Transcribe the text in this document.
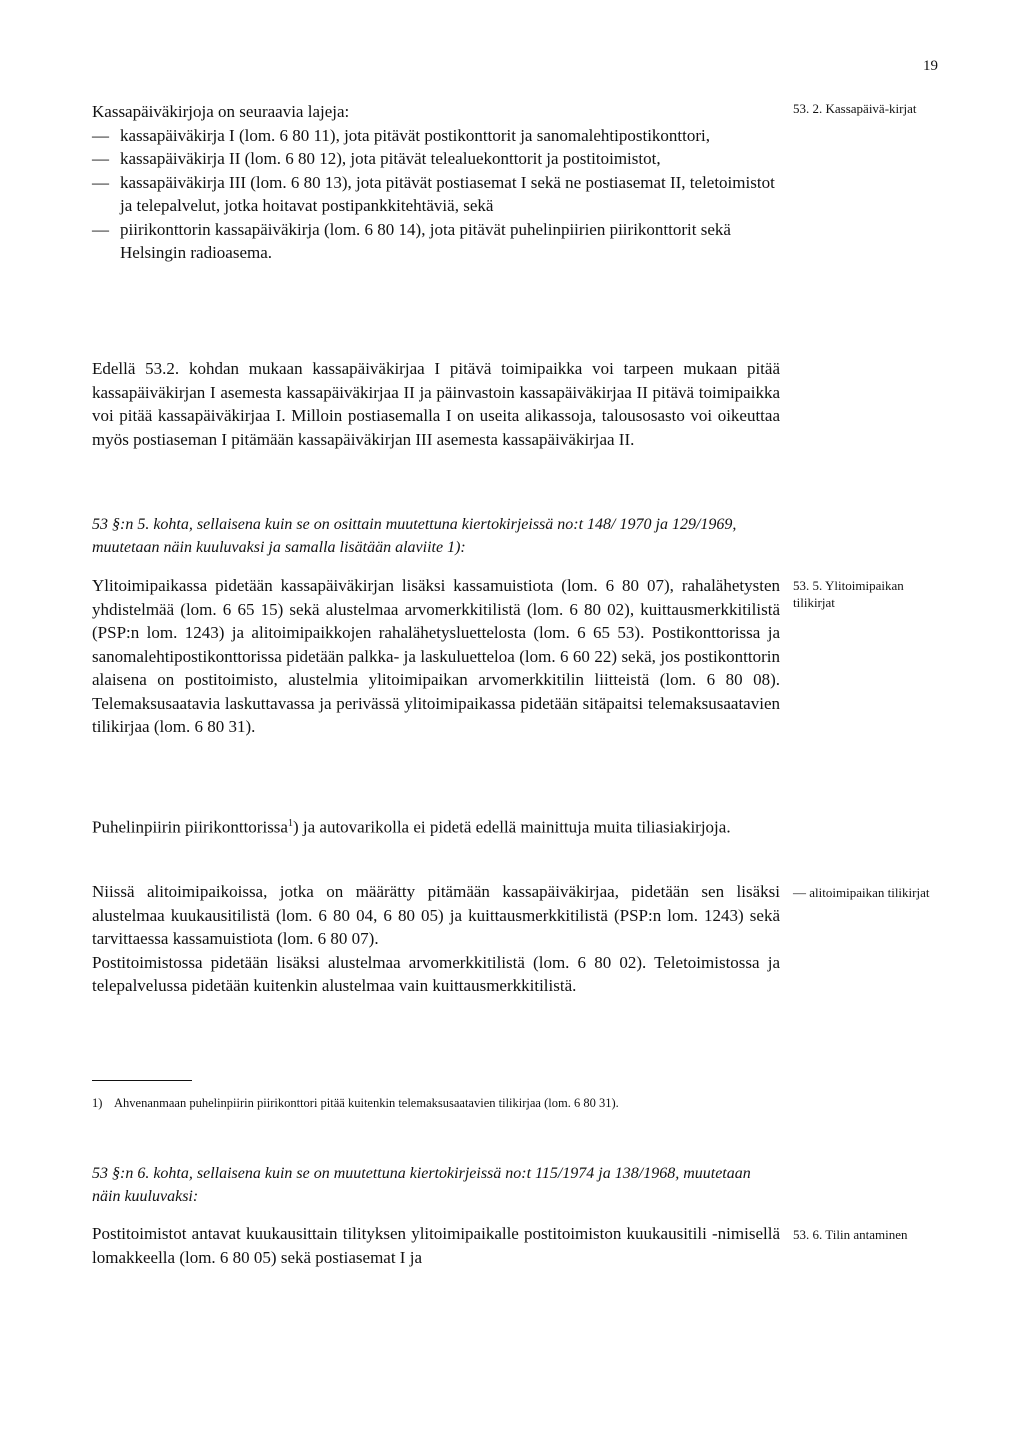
19
Kassapäiväkirjoja on seuraavia lajeja:
— kassapäiväkirja I (lom. 6 80 11), jota pitävät postikonttorit ja sanomalehtipostikonttori,
— kassapäiväkirja II (lom. 6 80 12), jota pitävät telealuekonttorit ja postitoimistot,
— kassapäiväkirja III (lom. 6 80 13), jota pitävät postiasemat I sekä ne postiasemat II, teletoimistot ja telepalvelut, jotka hoitavat postipankkitehtäviä, sekä
— piirikonttorin kassapäiväkirja (lom. 6 80 14), jota pitävät puhelinpiirien piirikonttorit sekä Helsingin radioasema.
53. 2. Kassapäivä-kirjat

Edellä 53.2. kohdan mukaan kassapäiväkirjaa I pitävä toimipaikka voi tarpeen mukaan pitää kassapäiväkirjan I asemesta kassapäiväkirjaa II ja päinvastoin kassapäiväkirjaa II pitävä toimipaikka voi pitää kassapäiväkirjaa I. Milloin postiasemalla I on useita alikassoja, talousosasto voi oikeuttaa myös postiaseman I pitämään kassapäiväkirjan III asemesta kassapäiväkirjaa II.

53 §:n 5. kohta, sellaisena kuin se on osittain muutettuna kiertokirjeissä no:t 148/ 1970 ja 129/1969, muutetaan näin kuuluvaksi ja samalla lisätään alaviite 1):

Ylitoimipaikassa pidetään kassapäiväkirjan lisäksi kassamuistiota (lom. 6 80 07), rahalähetysten yhdistelmää (lom. 6 65 15) sekä alustelmaa arvomerkkitilistä (lom. 6 80 02), kuittausmerkkitilistä (PSP:n lom. 1243) ja alitoimipaikkojen rahalähetysluettelosta (lom. 6 65 53). Postikonttorissa ja sanomalehtipostikonttorissa pidetään palkka- ja laskuluetteloa (lom. 6 60 22) sekä, jos postikonttorin alaisena on postitoimisto, alustelmia ylitoimipaikan arvomerkkitilin liitteistä (lom. 6 80 08). Telemaksusaatavia laskuttavassa ja perivässä ylitoimipaikassa pidetään sitäpaitsi telemaksusaatavien tilikirjaa (lom. 6 80 31).

53. 5. Ylitoimipaikan tilikirjat

Puhelinpiirin piirikonttorissa$^1$) ja autovarikolla ei pidetä edellä mainittuja muita tiliasiakirjoja.

Niissä alitoimipaikoissa, jotka on määrätty pitämään kassapäiväkirjaa, pidetään sen lisäksi alustelmaa kuukausitilistä (lom. 6 80 04, 6 80 05) ja kuittausmerkkitilistä (PSP:n lom. 1243) sekä tarvittaessa kassamuistiota (lom. 6 80 07).

Postitoimistossa pidetään lisäksi alustelmaa arvomerkkitilistä (lom. 6 80 02). Teletoimistossa ja telepalvelussa pidetään kuitenkin alustelmaa vain kuittausmerkkitilistä.

— alitoimipaikan tilikirjat
1) Ahvenanmaan puhelinpiirin piirikonttori pitää kuitenkin telemaksusaatavien tilikirjaa (lom. 6 80 31).
53 §:n 6. kohta, sellaisena kuin se on muutettuna kiertokirjeissä no:t 115/1974 ja 138/1968, muutetaan näin kuuluvaksi:

Postitoimistot antavat kuukausittain tilityksen ylitoimipaikalle postitoimiston kuukausitili -nimisellä lomakkeella (lom. 6 80 05) sekä postiasemat I ja

53. 6. Tilin antaminen
